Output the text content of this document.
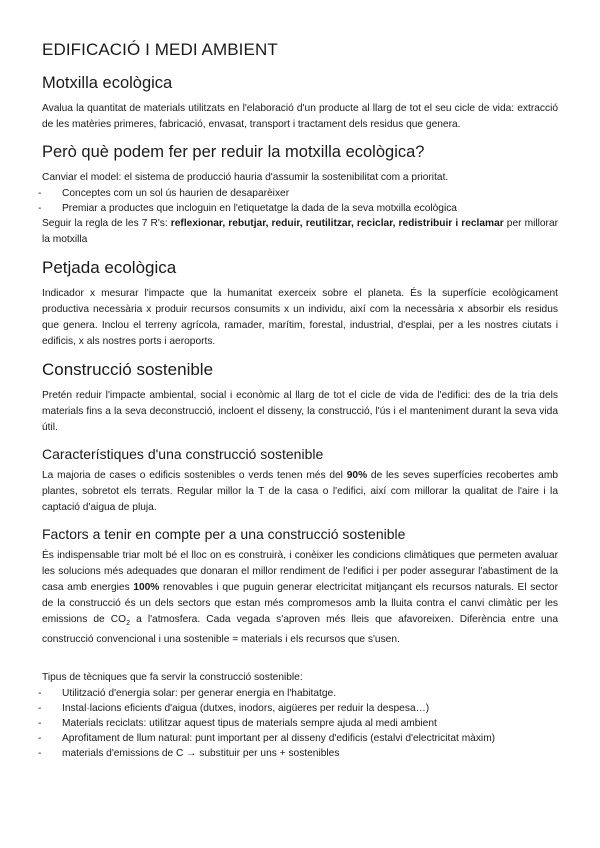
EDIFICACIÓ I MEDI AMBIENT
Motxilla ecològica

Avalua la quantitat de materials utilitzats en l'elaboració d'un producte al llarg de tot el seu cicle de vida: extracció de les matèries primeres, fabricació, envasat, transport i tractament dels residus que genera.

Però què podem fer per reduir la motxilla ecològica?

Canviar el model: el sistema de producció hauria d'assumir la sostenibilitat com a prioritat.

- Conceptes com un sol ús haurien de desaparèixer
- Premiar a productes que incloguin en l'etiquetatge la dada de la seva motxilla ecològica

Seguir la regla de les 7 R's: reflexionar, rebutjar, reduir, reutilitzar, reciclar, redistribuir i reclamar per millorar la motxilla

Petjada ecològica

Indicador x mesurar l'impacte que la humanitat exerceix sobre el planeta. És la superfície ecològicament productiva necessària x produir recursos consumits x un individu, així com la necessària x absorbir els residus que genera. Inclou el terreny agrícola, ramader, marítim, forestal, industrial, d'esplai, per a les nostres ciutats i edificis, x als nostres ports i aeroports.

Construcció sostenible

Pretén reduir l'impacte ambiental, social i econòmic al llarg de tot el cicle de vida de l'edifici: des de la tria dels materials fins a la seva deconstrucció, incloent el disseny, la construcció, l'ús i el manteniment durant la seva vida útil.

Característiques d'una construcció sostenible

La majoria de cases o edificis sostenibles o verds tenen més del 90% de les seves superfícies recobertes amb plantes, sobretot els terrats. Regular millor la T de la casa o l'edifici, així com millorar la qualitat de l'aire i la captació d'aigua de pluja.

Factors a tenir en compte per a una construcció sostenible

És indispensable triar molt bé el lloc on es construirà, i conèixer les condicions climàtiques que permeten avaluar les solucions més adequades que donaran el millor rendiment de l'edifici i per poder assegurar l'abastiment de la casa amb energies 100% renovables i que puguin generar electricitat mitjançant els recursos naturals. El sector de la construcció és un dels sectors que estan més compromesos amb la lluita contra el canvi climàtic per les emissions de $CO_2$ a l'atmosfera. Cada vegada s'aproven més lleis que afavoreixen. Diferència entre una construcció convencional i una sostenible = materials i els recursos que s'usen.

Tipus de tècniques que fa servir la construcció sostenible:

- Utilització d'energia solar: per generar energia en l'habitatge.
- Instal·lacions eficients d'aigua (dutxes, inodors, aigüeres per reduir la despesa…)
- Materials reciclats: utilitzar aquest tipus de materials sempre ajuda al medi ambient
- Aprofitament de llum natural: punt important per al disseny d'edificis (estalvi d'electricitat màxim)
- materials d'emissions de C → substituir per uns + sostenibles
